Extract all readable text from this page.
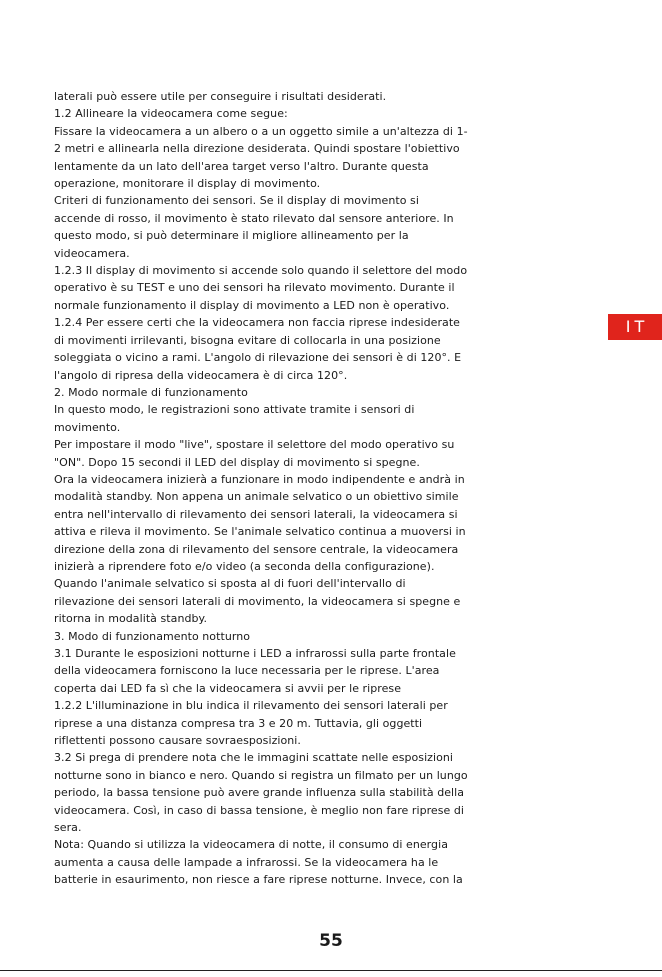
laterali può essere utile per conseguire i risultati desiderati.
1.2 Allineare la videocamera come segue:
Fissare la videocamera a un albero o a un oggetto simile a un'altezza di 1-
2 metri e allinearla nella direzione desiderata. Quindi spostare l'obiettivo
lentamente da un lato dell'area target verso l'altro. Durante questa
operazione, monitorare il display di movimento.
Criteri di funzionamento dei sensori. Se il display di movimento si
accende di rosso, il movimento è stato rilevato dal sensore anteriore. In
questo modo, si può determinare il migliore allineamento per la
videocamera.
1.2.3 Il display di movimento si accende solo quando il selettore del modo
operativo è su TEST e uno dei sensori ha rilevato movimento. Durante il
normale funzionamento il display di movimento a LED non è operativo.
1.2.4 Per essere certi che la videocamera non faccia riprese indesiderate
di movimenti irrilevanti, bisogna evitare di collocarla in una posizione
soleggiata o vicino a rami. L'angolo di rilevazione dei sensori è di 120°. E
l'angolo di ripresa della videocamera è di circa 120°.
2. Modo normale di funzionamento
In questo modo, le registrazioni sono attivate tramite i sensori di
movimento.
Per impostare il modo "live", spostare il selettore del modo operativo su
"ON". Dopo 15 secondi il LED del display di movimento si spegne.
Ora la videocamera inizierà a funzionare in modo indipendente e andrà in
modalità standby. Non appena un animale selvatico o un obiettivo simile
entra nell'intervallo di rilevamento dei sensori laterali, la videocamera si
attiva e rileva il movimento. Se l'animale selvatico continua a muoversi in
direzione della zona di rilevamento del sensore centrale, la videocamera
inizierà a riprendere foto e/o video (a seconda della configurazione).
Quando l'animale selvatico si sposta al di fuori dell'intervallo di
rilevazione dei sensori laterali di movimento, la videocamera si spegne e
ritorna in modalità standby.
3. Modo di funzionamento notturno
3.1 Durante le esposizioni notturne i LED a infrarossi sulla parte frontale
della videocamera forniscono la luce necessaria per le riprese. L'area
coperta dai LED fa sì che la videocamera si avvii per le riprese
1.2.2 L'illuminazione in blu indica il rilevamento dei sensori laterali per
riprese a una distanza compresa tra 3 e 20 m. Tuttavia, gli oggetti
riflettenti possono causare sovraesposizioni.
3.2 Si prega di prendere nota che le immagini scattate nelle esposizioni
notturne sono in bianco e nero. Quando si registra un filmato per un lungo
periodo, la bassa tensione può avere grande influenza sulla stabilità della
videocamera. Così, in caso di bassa tensione, è meglio non fare riprese di
sera.
Nota: Quando si utilizza la videocamera di notte, il consumo di energia
aumenta a causa delle lampade a infrarossi. Se la videocamera ha le
batterie in esaurimento, non riesce a fare riprese notturne. Invece, con la
IT
55
